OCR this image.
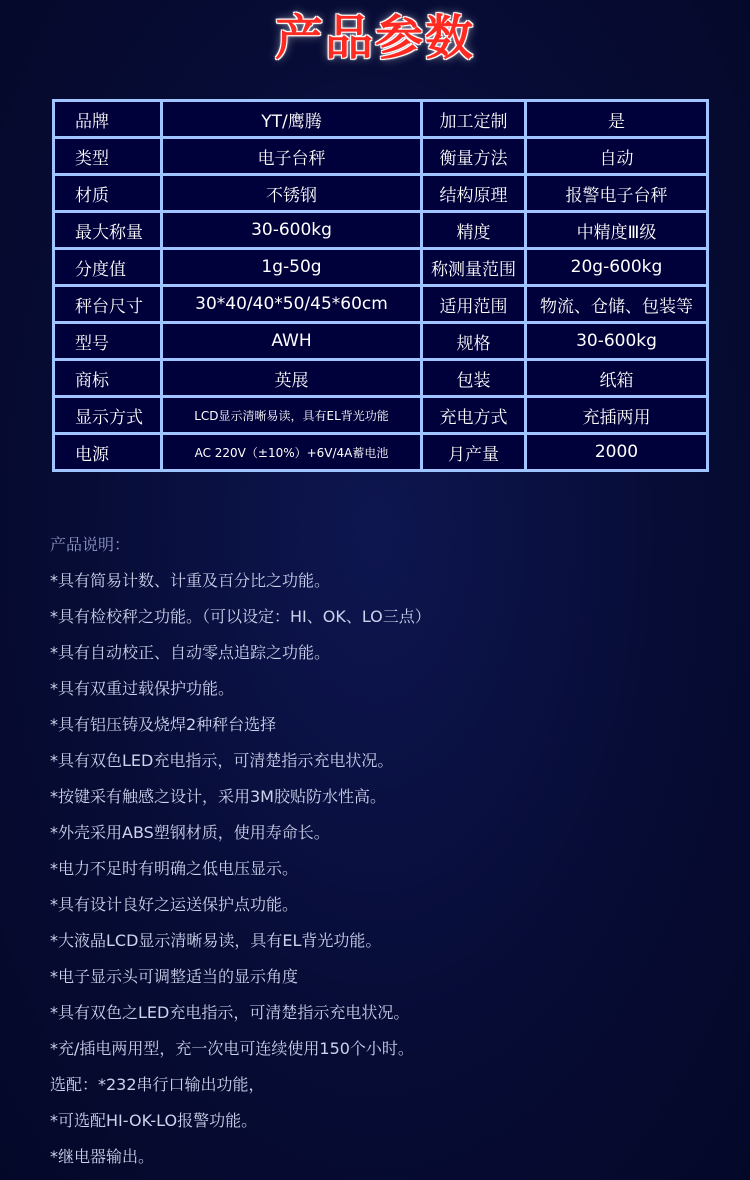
产品参数
品牌	YT/鹰腾	加工定制	是
类型	电子台秤	衡量方法	自动
材质	不锈钢	结构原理	报警电子台秤
最大称量	30-600kg	精度	中精度Ⅲ级
分度值	1g-50g	称测量范围	20g-600kg
秤台尺寸	30*40/40*50/45*60cm	适用范围	物流、仓储、包装等
型号	AWH	规格	30-600kg
商标	英展	包装	纸箱
显示方式	LCD显示清晰易读，具有EL背光功能	充电方式	充插两用
电源	AC 220V（±10%）+6V/4A蓄电池	月产量	2000
产品说明：
*具有简易计数、计重及百分比之功能。
*具有检校秤之功能。（可以设定：HI、OK、LO三点）
*具有自动校正、自动零点追踪之功能。
*具有双重过载保护功能。
*具有铝压铸及烧焊2种秤台选择
*具有双色LED充电指示，可清楚指示充电状况。
*按键采有触感之设计，采用3M胶贴防水性高。
*外壳采用ABS塑钢材质，使用寿命长。
*电力不足时有明确之低电压显示。
*具有设计良好之运送保护点功能。
*大液晶LCD显示清晰易读，具有EL背光功能。
*电子显示头可调整适当的显示角度
*具有双色之LED充电指示，可清楚指示充电状况。
*充/插电两用型，充一次电可连续使用150个小时。
选配：*232串行口输出功能，
*可选配HI-OK-LO报警功能。
*继电器输出。
